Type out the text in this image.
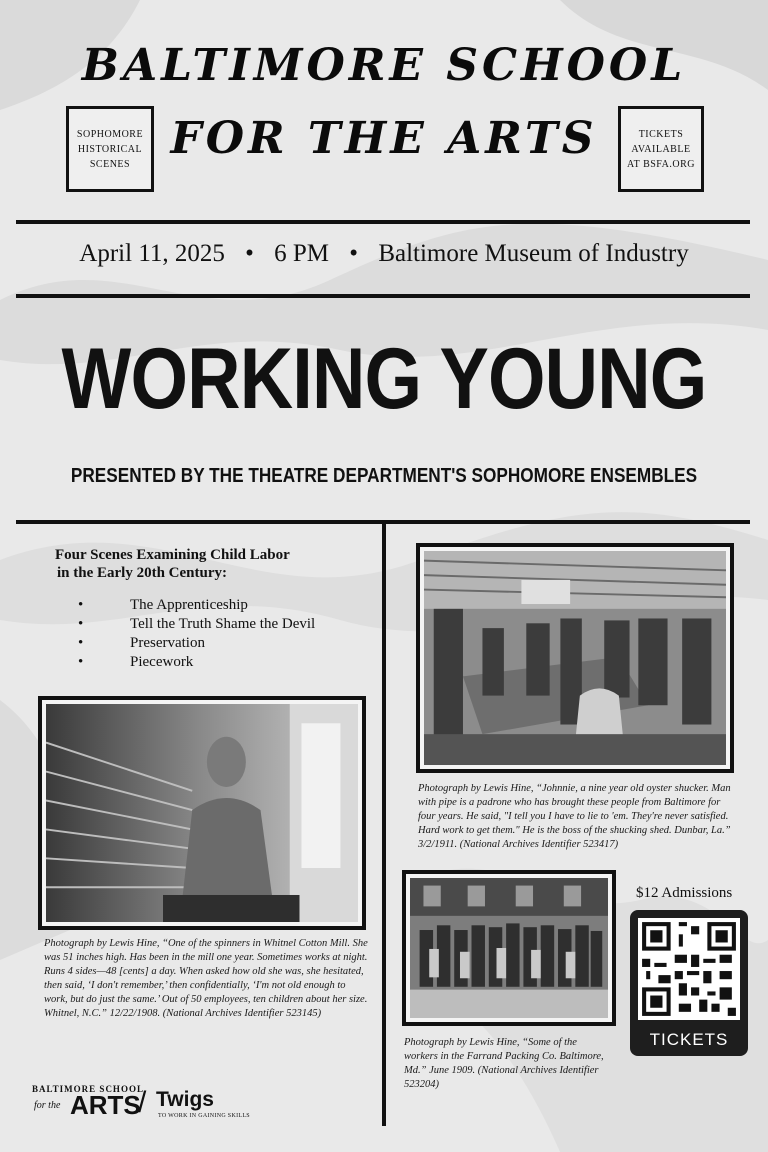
BALTIMORE SCHOOL
FOR THE ARTS
SOPHOMORE
HISTORICAL
SCENES
TICKETS
AVAILABLE
AT BSFA.ORG
April 11, 2025 • 6 PM • Baltimore Museum of Industry
WORKING YOUNG
PRESENTED BY THE THEATRE DEPARTMENT'S SOPHOMORE ENSEMBLES
Four Scenes Examining Child Labor
in the Early 20th Century:
•	The Apprenticeship
•	Tell the Truth Shame the Devil
•	Preservation
•	Piecework
Photograph by Lewis Hine, “One of the spinners in Whitnel Cotton Mill. She was 51 inches high. Has been in the mill one year. Sometimes works at night. Runs 4 sides—48 [cents] a day. When asked how old she was, she hesitated, then said, ‘I don't remember,’ then confidentially, ‘I'm not old enough to work, but do just the same.’ Out of 50 employees, ten children about her size. Whitnel, N.C.” 12/22/1908. (National Archives Identifier 523145)
BALTIMORE SCHOOL
for the ARTS
/ Twigs
TO WORK IN GAINING SKILLS
Photograph by Lewis Hine, “Johnnie, a nine year old oyster shucker. Man with pipe is a padrone who has brought these people from Baltimore for four years. He said, "I tell you I have to lie to 'em. They're never satisfied. Hard work to get them." He is the boss of the shucking shed. Dunbar, La.” 3/2/1911. (National Archives Identifier 523417)
Photograph by Lewis Hine, “Some of the workers in the Farrand Packing Co. Baltimore, Md.” June 1909. (National Archives Identifier 523204)
$12 Admissions
TICKETS
